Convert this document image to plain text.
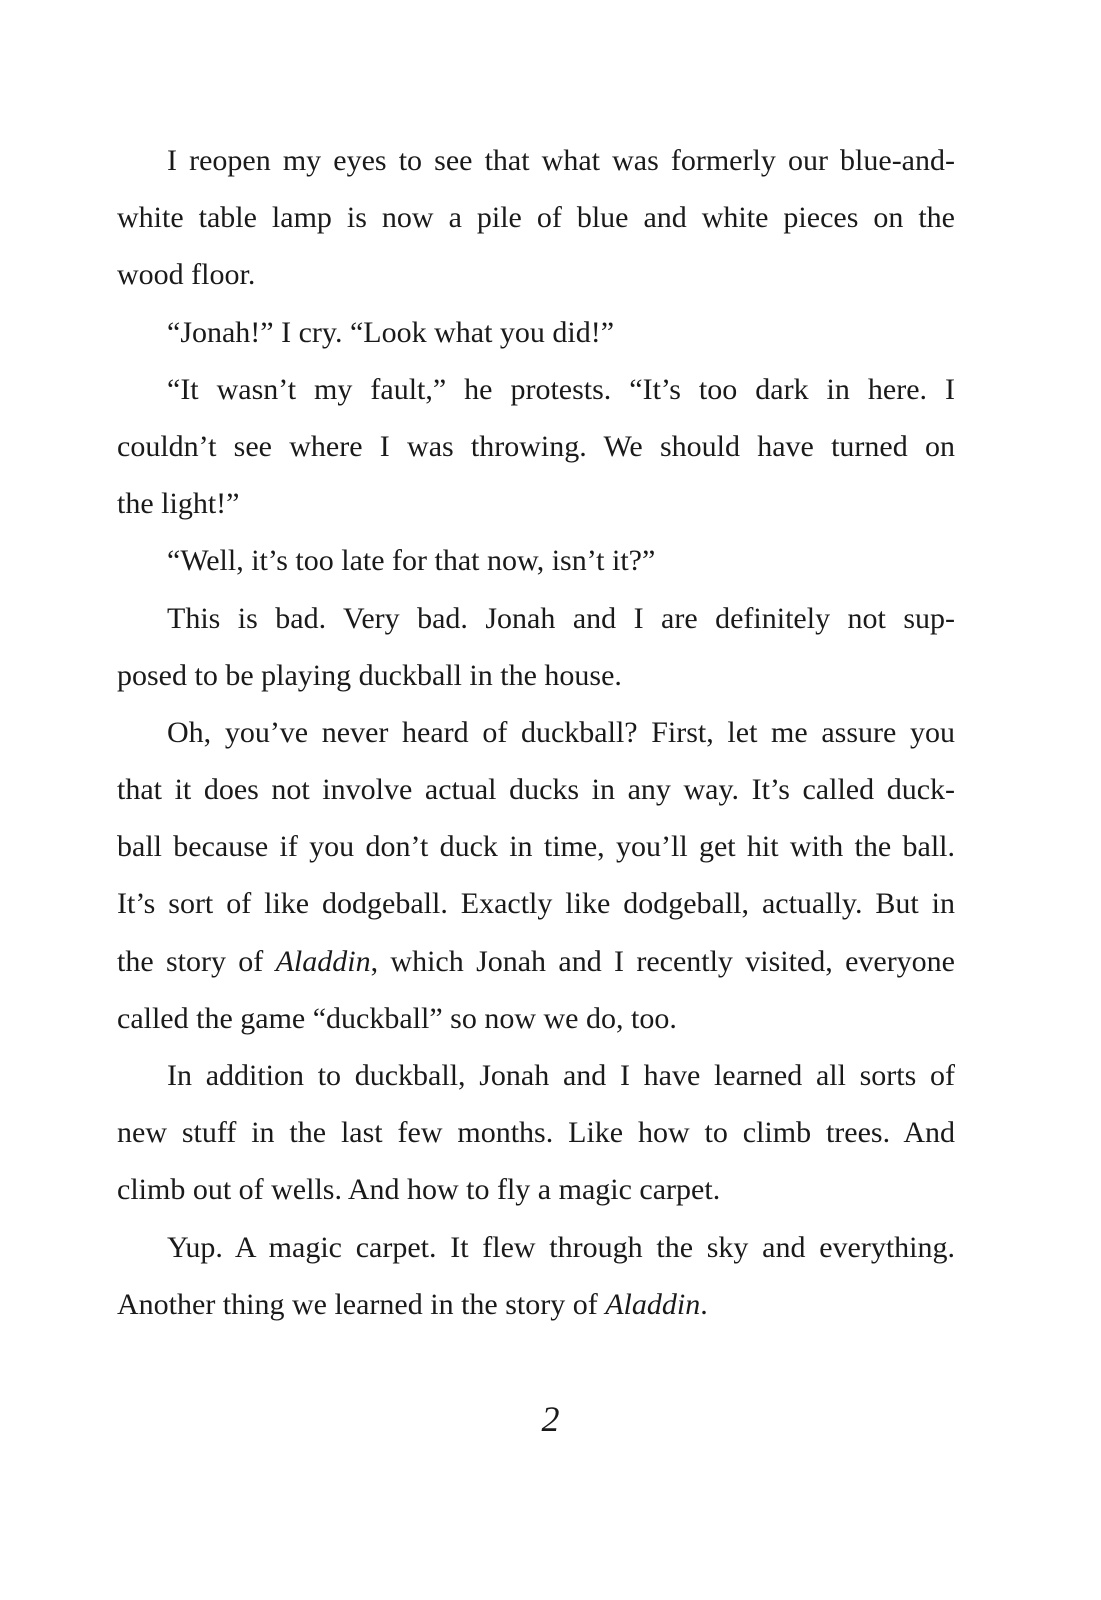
I reopen my eyes to see that what was formerly our blue-and-
white table lamp is now a pile of blue and white pieces on the
wood floor.
“Jonah!” I cry. “Look what you did!”
“It wasn’t my fault,” he protests. “It’s too dark in here. I
couldn’t see where I was throwing. We should have turned on
the light!”
“Well, it’s too late for that now, isn’t it?”
This is bad. Very bad. Jonah and I are definitely not sup-
posed to be playing duckball in the house.
Oh, you’ve never heard of duckball? First, let me assure you
that it does not involve actual ducks in any way. It’s called duck-
ball because if you don’t duck in time, you’ll get hit with the ball.
It’s sort of like dodgeball. Exactly like dodgeball, actually. But in
the story of Aladdin, which Jonah and I recently visited, everyone
called the game “duckball” so now we do, too.
In addition to duckball, Jonah and I have learned all sorts of
new stuff in the last few months. Like how to climb trees. And
climb out of wells. And how to fly a magic carpet.
Yup. A magic carpet. It flew through the sky and everything.
Another thing we learned in the story of Aladdin.
2
